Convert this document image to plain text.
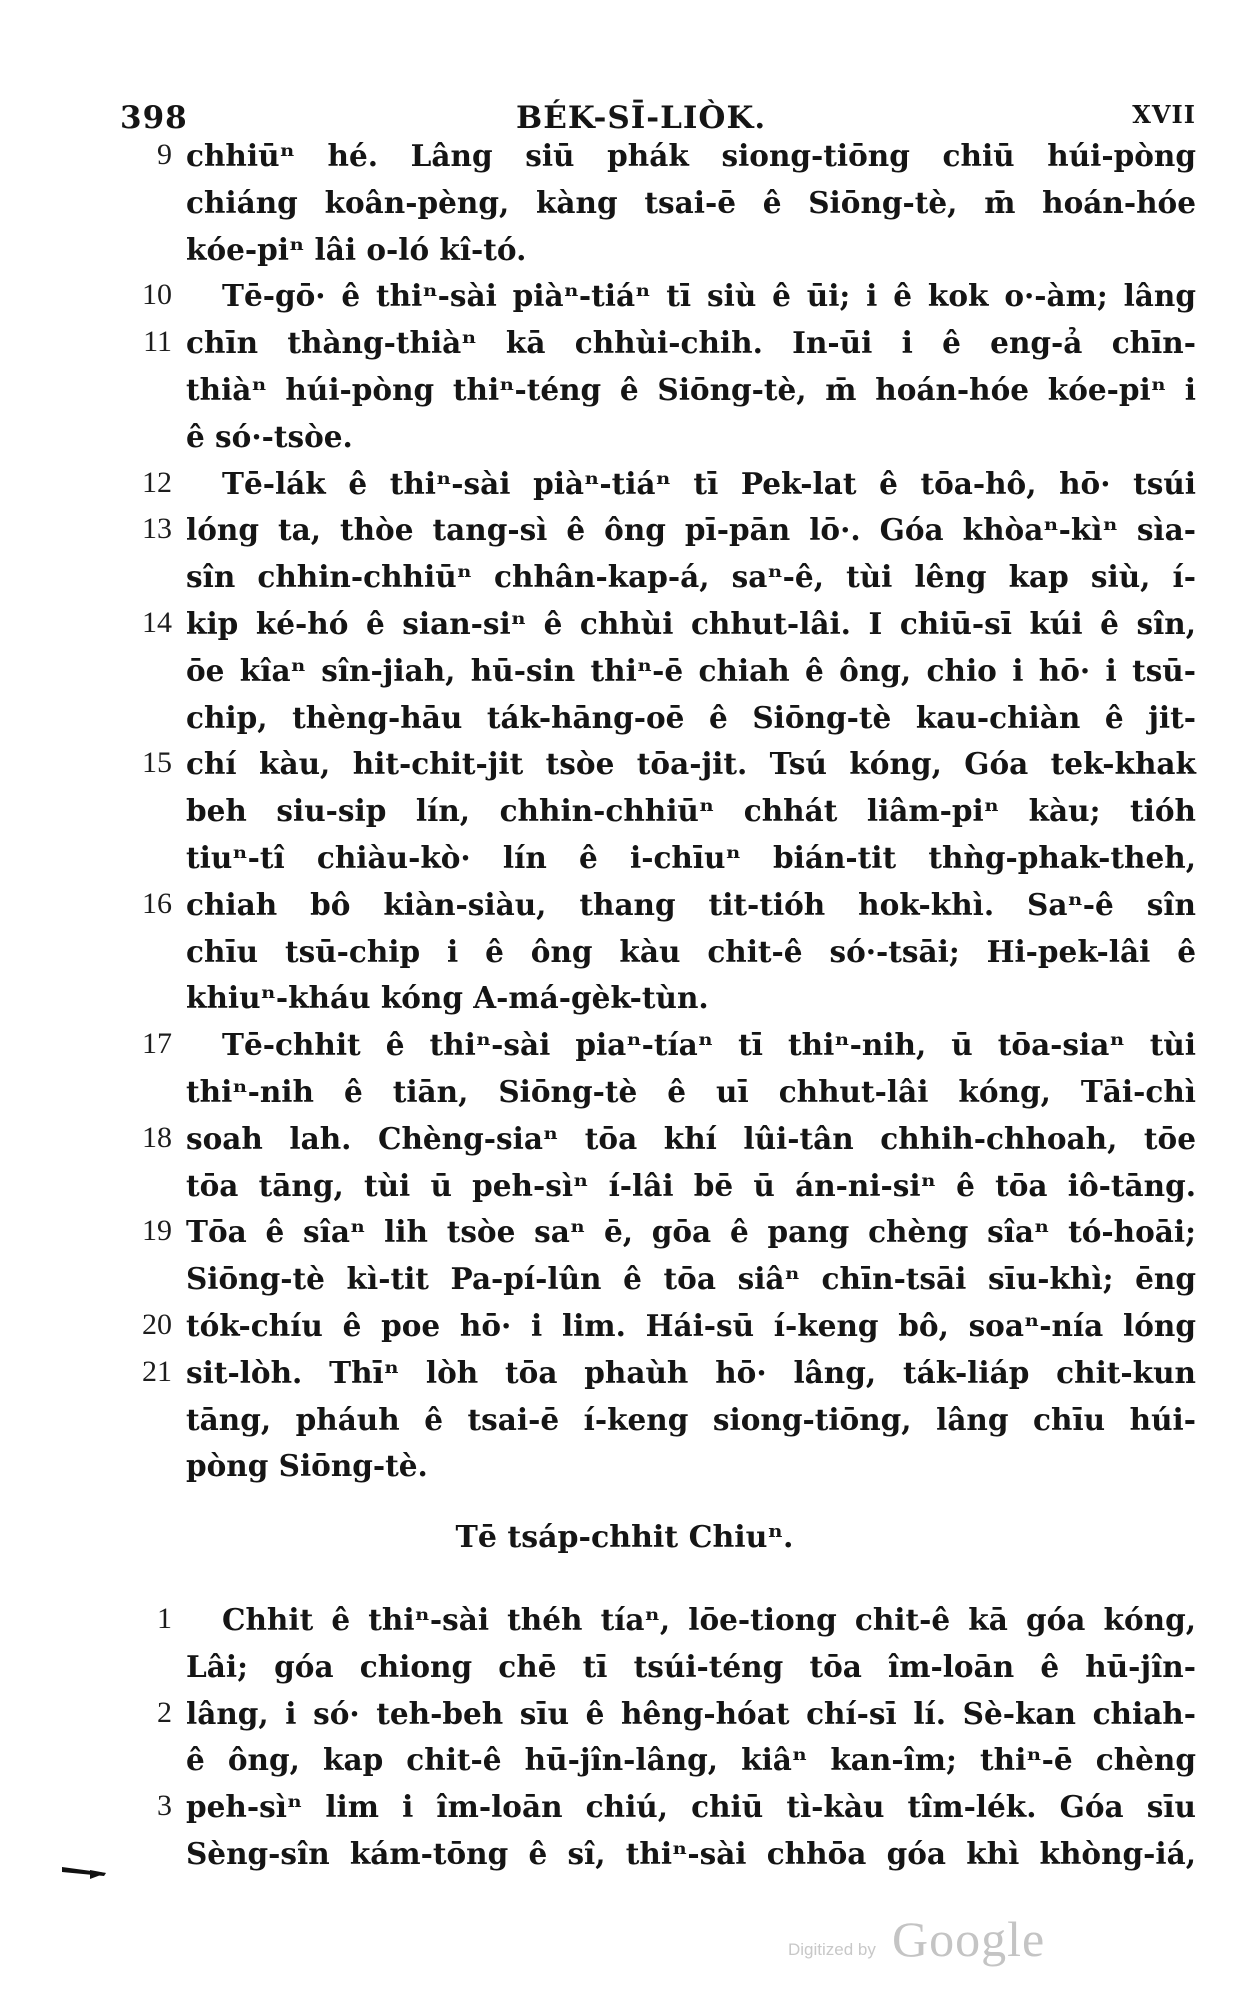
398	BÉK-SĪ-LIÒK.	XVII
9 chhiūⁿ hé. Lâng siū phák siong-tiōng chiū húi-pòng
chiáng koân-pèng, kàng tsai-ē ê Siōng-tè, m̄ hoán-hóe
kóe-piⁿ lâi o-ló kî-tó.
10 Tē-gō· ê thiⁿ-sài piàⁿ-tiáⁿ tī siù ê ūi; i ê kok o·-àm; lâng
11 chīn thàng-thiàⁿ kā chhùi-chih. In-ūi i ê eng-ả chīn-
thiàⁿ húi-pòng thiⁿ-téng ê Siōng-tè, m̄ hoán-hóe kóe-piⁿ i
ê só·-tsòe.
12 Tē-lák ê thiⁿ-sài piàⁿ-tiáⁿ tī Pek-lat ê tōa-hô, hō· tsúi
13 lóng ta, thòe tang-sì ê ông pī-pān lō·. Góa khòaⁿ-kìⁿ sìa-
sîn chhin-chhiūⁿ chhân-kap-á, saⁿ-ê, tùi lêng kap siù, í-
14 kip ké-hó ê sian-siⁿ ê chhùi chhut-lâi. I chiū-sī kúi ê sîn,
ōe kîaⁿ sîn-jiah, hū-sin thiⁿ-ē chiah ê ông, chio i hō· i tsū-
chip, thèng-hāu ták-hāng-oē ê Siōng-tè kau-chiàn ê jit-
15 chí kàu, hit-chit-jit tsòe tōa-jit. Tsú kóng, Góa tek-khak
beh siu-sip lín, chhin-chhiūⁿ chhát liâm-piⁿ kàu; tióh
tiuⁿ-tî chiàu-kò· lín ê i-chīuⁿ bián-tit thǹg-phak-theh,
16 chiah bô kiàn-siàu, thang tit-tióh hok-khì. Saⁿ-ê sîn
chīu tsū-chip i ê ông kàu chit-ê só·-tsāi; Hi-pek-lâi ê
khiuⁿ-kháu kóng A-má-gèk-tùn.
17 Tē-chhit ê thiⁿ-sài piaⁿ-tíaⁿ tī thiⁿ-nih, ū tōa-siaⁿ tùi
thiⁿ-nih ê tiān, Siōng-tè ê uī chhut-lâi kóng, Tāi-chì
18 soah lah. Chèng-siaⁿ tōa khí lûi-tân chhih-chhoah, tōe
tōa tāng, tùi ū peh-sìⁿ í-lâi bē ū án-ni-siⁿ ê tōa iô-tāng.
19 Tōa ê sîaⁿ lih tsòe saⁿ ē, gōa ê pang chèng sîaⁿ tó-hoāi;
Siōng-tè kì-tit Pa-pí-lûn ê tōa siâⁿ chīn-tsāi sīu-khì; ēng
20 tók-chíu ê poe hō· i lim. Hái-sū í-keng bô, soaⁿ-nía lóng
21 sit-lòh. Thīⁿ lòh tōa phaùh hō· lâng, ták-liáp chit-kun
tāng, pháuh ê tsai-ē í-keng siong-tiōng, lâng chīu húi-
pòng Siōng-tè.
Tē tsáp-chhit Chiuⁿ.
1 Chhit ê thiⁿ-sài théh tíaⁿ, lōe-tiong chit-ê kā góa kóng,
Lâi; góa chiong chē tī tsúi-téng tōa îm-loān ê hū-jîn-
2 lâng, i só· teh-beh sīu ê hêng-hóat chí-sī lí. Sè-kan chiah-
ê ông, kap chit-ê hū-jîn-lâng, kiâⁿ kan-îm; thiⁿ-ē chèng
3 peh-sìⁿ lim i îm-loān chiú, chiū tì-kàu tîm-lék. Góa sīu
Sèng-sîn kám-tōng ê sî, thiⁿ-sài chhōa góa khì khòng-iá,
Digitized by Google
